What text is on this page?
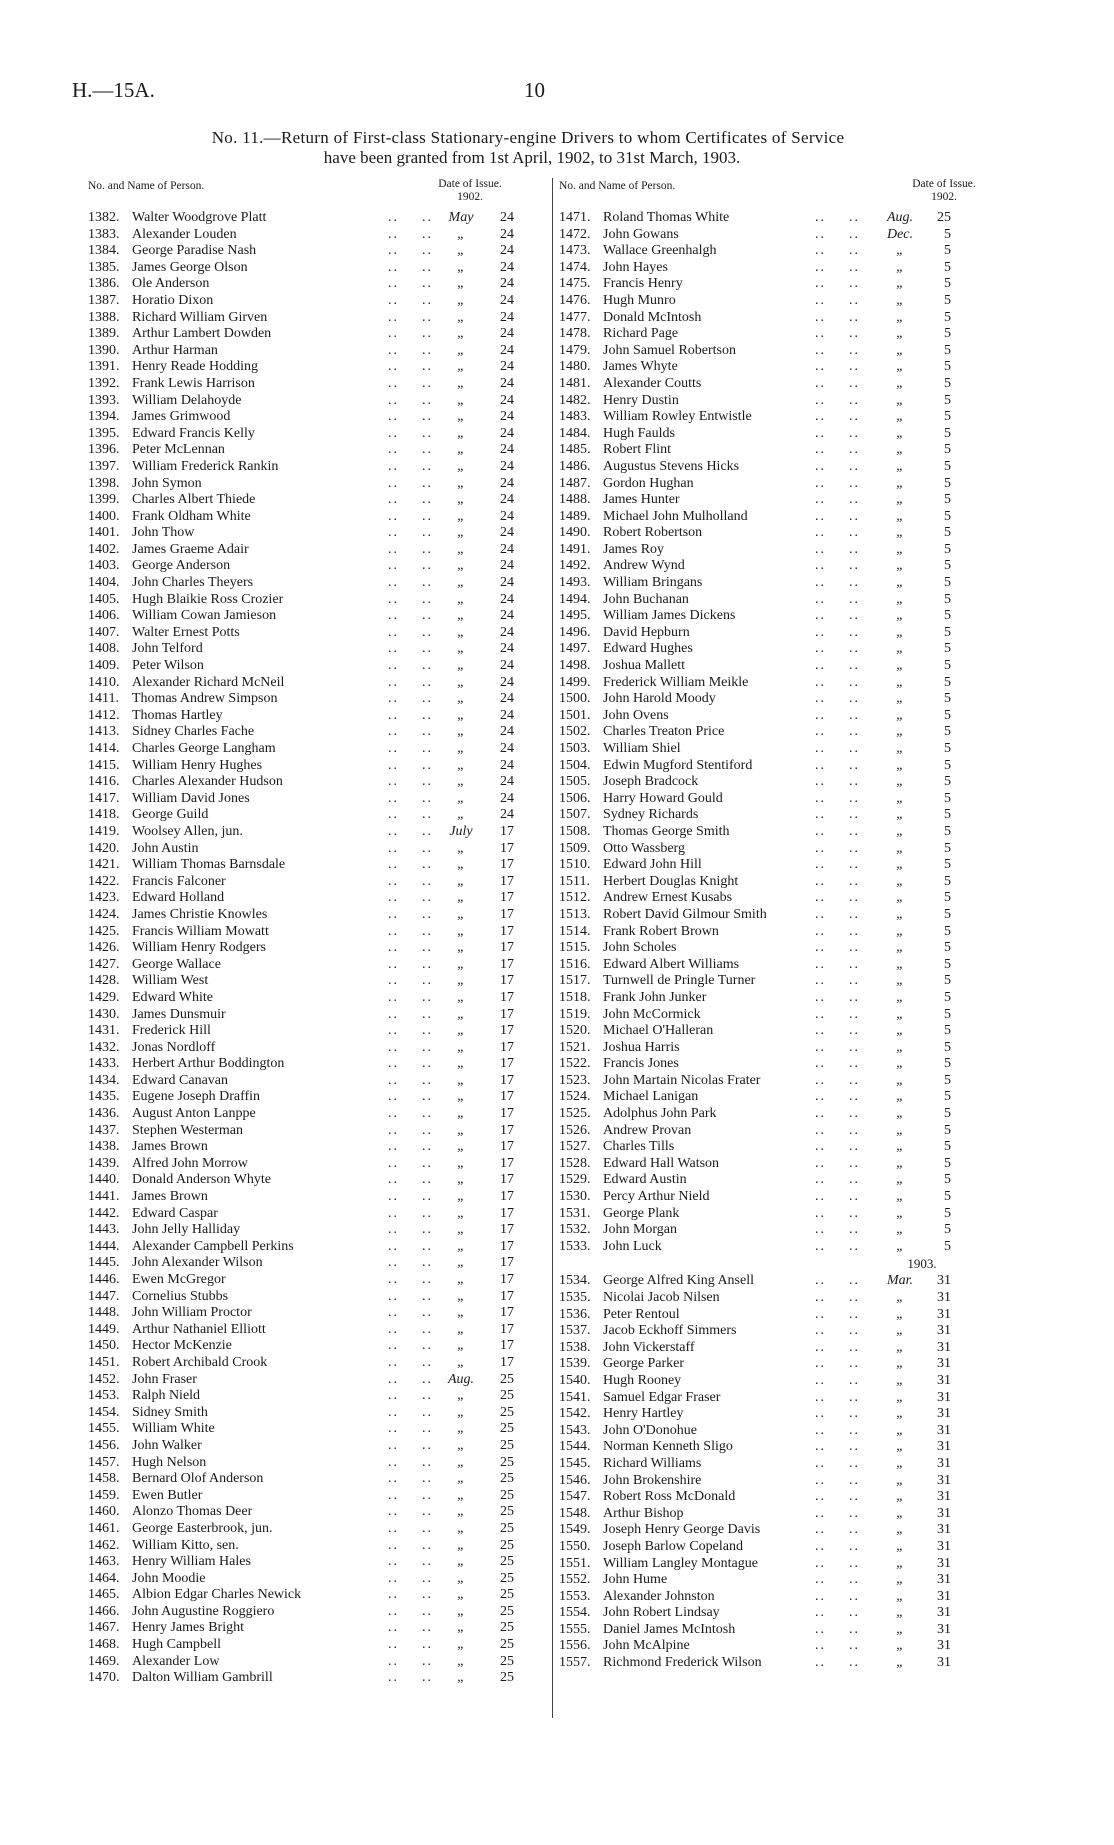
H.—15A.	10
No. 11.—Return of First-class Stationary-engine Drivers to whom Certificates of Service
have been granted from 1st April, 1902, to 31st March, 1903.
No. and Name of Person.	Date of Issue.
1902.
1382. Walter Woodgrove Platt	.. ..	May	24
1383. Alexander Louden	.. ..	„	24
1384. George Paradise Nash	.. ..	„	24
1385. James George Olson	.. ..	„	24
1386. Ole Anderson	.. ..	„	24
1387. Horatio Dixon	.. ..	„	24
1388. Richard William Girven	.. ..	„	24
1389. Arthur Lambert Dowden	.. ..	„	24
1390. Arthur Harman	.. ..	„	24
1391. Henry Reade Hodding	.. ..	„	24
1392. Frank Lewis Harrison	.. ..	„	24
1393. William Delahoyde	.. ..	„	24
1394. James Grimwood	.. ..	„	24
1395. Edward Francis Kelly	.. ..	„	24
1396. Peter McLennan	.. ..	„	24
1397. William Frederick Rankin	.. ..	„	24
1398. John Symon	.. ..	„	24
1399. Charles Albert Thiede	.. ..	„	24
1400. Frank Oldham White	.. ..	„	24
1401. John Thow	.. ..	„	24
1402. James Graeme Adair	.. ..	„	24
1403. George Anderson	.. ..	„	24
1404. John Charles Theyers	.. ..	„	24
1405. Hugh Blaikie Ross Crozier	.. ..	„	24
1406. William Cowan Jamieson	.. ..	„	24
1407. Walter Ernest Potts	.. ..	„	24
1408. John Telford	.. ..	„	24
1409. Peter Wilson	.. ..	„	24
1410. Alexander Richard McNeil	.. ..	„	24
1411. Thomas Andrew Simpson	.. ..	„	24
1412. Thomas Hartley	.. ..	„	24
1413. Sidney Charles Fache	.. ..	„	24
1414. Charles George Langham	.. ..	„	24
1415. William Henry Hughes	.. ..	„	24
1416. Charles Alexander Hudson	.. ..	„	24
1417. William David Jones	.. ..	„	24
1418. George Guild	.. ..	„	24
1419. Woolsey Allen, jun.	.. ..	July	17
1420. John Austin	.. ..	„	17
1421. William Thomas Barnsdale	.. ..	„	17
1422. Francis Falconer	.. ..	„	17
1423. Edward Holland	.. ..	„	17
1424. James Christie Knowles	.. ..	„	17
1425. Francis William Mowatt	.. ..	„	17
1426. William Henry Rodgers	.. ..	„	17
1427. George Wallace	.. ..	„	17
1428. William West	.. ..	„	17
1429. Edward White	.. ..	„	17
1430. James Dunsmuir	.. ..	„	17
1431. Frederick Hill	.. ..	„	17
1432. Jonas Nordloff	.. ..	„	17
1433. Herbert Arthur Boddington	.. ..	„	17
1434. Edward Canavan	.. ..	„	17
1435. Eugene Joseph Draffin	.. ..	„	17
1436. August Anton Lanppe	.. ..	„	17
1437. Stephen Westerman	.. ..	„	17
1438. James Brown	.. ..	„	17
1439. Alfred John Morrow	.. ..	„	17
1440. Donald Anderson Whyte	.. ..	„	17
1441. James Brown	.. ..	„	17
1442. Edward Caspar	.. ..	„	17
1443. John Jelly Halliday	.. ..	„	17
1444. Alexander Campbell Perkins	.. ..	„	17
1445. John Alexander Wilson	.. ..	„	17
1446. Ewen McGregor	.. ..	„	17
1447. Cornelius Stubbs	.. ..	„	17
1448. John William Proctor	.. ..	„	17
1449. Arthur Nathaniel Elliott	.. ..	„	17
1450. Hector McKenzie	.. ..	„	17
1451. Robert Archibald Crook	.. ..	„	17
1452. John Fraser	.. ..	Aug.	25
1453. Ralph Nield	.. ..	„	25
1454. Sidney Smith	.. ..	„	25
1455. William White	.. ..	„	25
1456. John Walker	.. ..	„	25
1457. Hugh Nelson	.. ..	„	25
1458. Bernard Olof Anderson	.. ..	„	25
1459. Ewen Butler	.. ..	„	25
1460. Alonzo Thomas Deer	.. ..	„	25
1461. George Easterbrook, jun.	.. ..	„	25
1462. William Kitto, sen.	.. ..	„	25
1463. Henry William Hales	.. ..	„	25
1464. John Moodie	.. ..	„	25
1465. Albion Edgar Charles Newick	.. ..	„	25
1466. John Augustine Roggiero	.. ..	„	25
1467. Henry James Bright	.. ..	„	25
1468. Hugh Campbell	.. ..	„	25
1469. Alexander Low	.. ..	„	25
1470. Dalton William Gambrill	.. ..	„	25
No. and Name of Person.	Date of Issue.
1902.
1471. Roland Thomas White	.. ..	Aug.	25
1472. John Gowans	.. ..	Dec.	5
1473. Wallace Greenhalgh	.. ..	„	5
1474. John Hayes	.. ..	„	5
1475. Francis Henry	.. ..	„	5
1476. Hugh Munro	.. ..	„	5
1477. Donald McIntosh	.. ..	„	5
1478. Richard Page	.. ..	„	5
1479. John Samuel Robertson	.. ..	„	5
1480. James Whyte	.. ..	„	5
1481. Alexander Coutts	.. ..	„	5
1482. Henry Dustin	.. ..	„	5
1483. William Rowley Entwistle	.. ..	„	5
1484. Hugh Faulds	.. ..	„	5
1485. Robert Flint	.. ..	„	5
1486. Augustus Stevens Hicks	.. ..	„	5
1487. Gordon Hughan	.. ..	„	5
1488. James Hunter	.. ..	„	5
1489. Michael John Mulholland	.. ..	„	5
1490. Robert Robertson	.. ..	„	5
1491. James Roy	.. ..	„	5
1492. Andrew Wynd	.. ..	„	5
1493. William Bringans	.. ..	„	5
1494. John Buchanan	.. ..	„	5
1495. William James Dickens	.. ..	„	5
1496. David Hepburn	.. ..	„	5
1497. Edward Hughes	.. ..	„	5
1498. Joshua Mallett	.. ..	„	5
1499. Frederick William Meikle	.. ..	„	5
1500. John Harold Moody	.. ..	„	5
1501. John Ovens	.. ..	„	5
1502. Charles Treaton Price	.. ..	„	5
1503. William Shiel	.. ..	„	5
1504. Edwin Mugford Stentiford	.. ..	„	5
1505. Joseph Bradcock	.. ..	„	5
1506. Harry Howard Gould	.. ..	„	5
1507. Sydney Richards	.. ..	„	5
1508. Thomas George Smith	.. ..	„	5
1509. Otto Wassberg	.. ..	„	5
1510. Edward John Hill	.. ..	„	5
1511. Herbert Douglas Knight	.. ..	„	5
1512. Andrew Ernest Kusabs	.. ..	„	5
1513. Robert David Gilmour Smith	.. ..	„	5
1514. Frank Robert Brown	.. ..	„	5
1515. John Scholes	.. ..	„	5
1516. Edward Albert Williams	.. ..	„	5
1517. Turnwell de Pringle Turner	.. ..	„	5
1518. Frank John Junker	.. ..	„	5
1519. John McCormick	.. ..	„	5
1520. Michael O'Halleran	.. ..	„	5
1521. Joshua Harris	.. ..	„	5
1522. Francis Jones	.. ..	„	5
1523. John Martain Nicolas Frater	.. ..	„	5
1524. Michael Lanigan	.. ..	„	5
1525. Adolphus John Park	.. ..	„	5
1526. Andrew Provan	.. ..	„	5
1527. Charles Tills	.. ..	„	5
1528. Edward Hall Watson	.. ..	„	5
1529. Edward Austin	.. ..	„	5
1530. Percy Arthur Nield	.. ..	„	5
1531. George Plank	.. ..	„	5
1532. John Morgan	.. ..	„	5
1533. John Luck	.. ..	„	5
1903.
1534. George Alfred King Ansell	.. ..	Mar.	31
1535. Nicolai Jacob Nilsen	.. ..	„	31
1536. Peter Rentoul	.. ..	„	31
1537. Jacob Eckhoff Simmers	.. ..	„	31
1538. John Vickerstaff	.. ..	„	31
1539. George Parker	.. ..	„	31
1540. Hugh Rooney	.. ..	„	31
1541. Samuel Edgar Fraser	.. ..	„	31
1542. Henry Hartley	.. ..	„	31
1543. John O'Donohue	.. ..	„	31
1544. Norman Kenneth Sligo	.. ..	„	31
1545. Richard Williams	.. ..	„	31
1546. John Brokenshire	.. ..	„	31
1547. Robert Ross McDonald	.. ..	„	31
1548. Arthur Bishop	.. ..	„	31
1549. Joseph Henry George Davis	.. ..	„	31
1550. Joseph Barlow Copeland	.. ..	„	31
1551. William Langley Montague	.. ..	„	31
1552. John Hume	.. ..	„	31
1553. Alexander Johnston	.. ..	„	31
1554. John Robert Lindsay	.. ..	„	31
1555. Daniel James McIntosh	.. ..	„	31
1556. John McAlpine	.. ..	„	31
1557. Richmond Frederick Wilson	.. ..	„	31
